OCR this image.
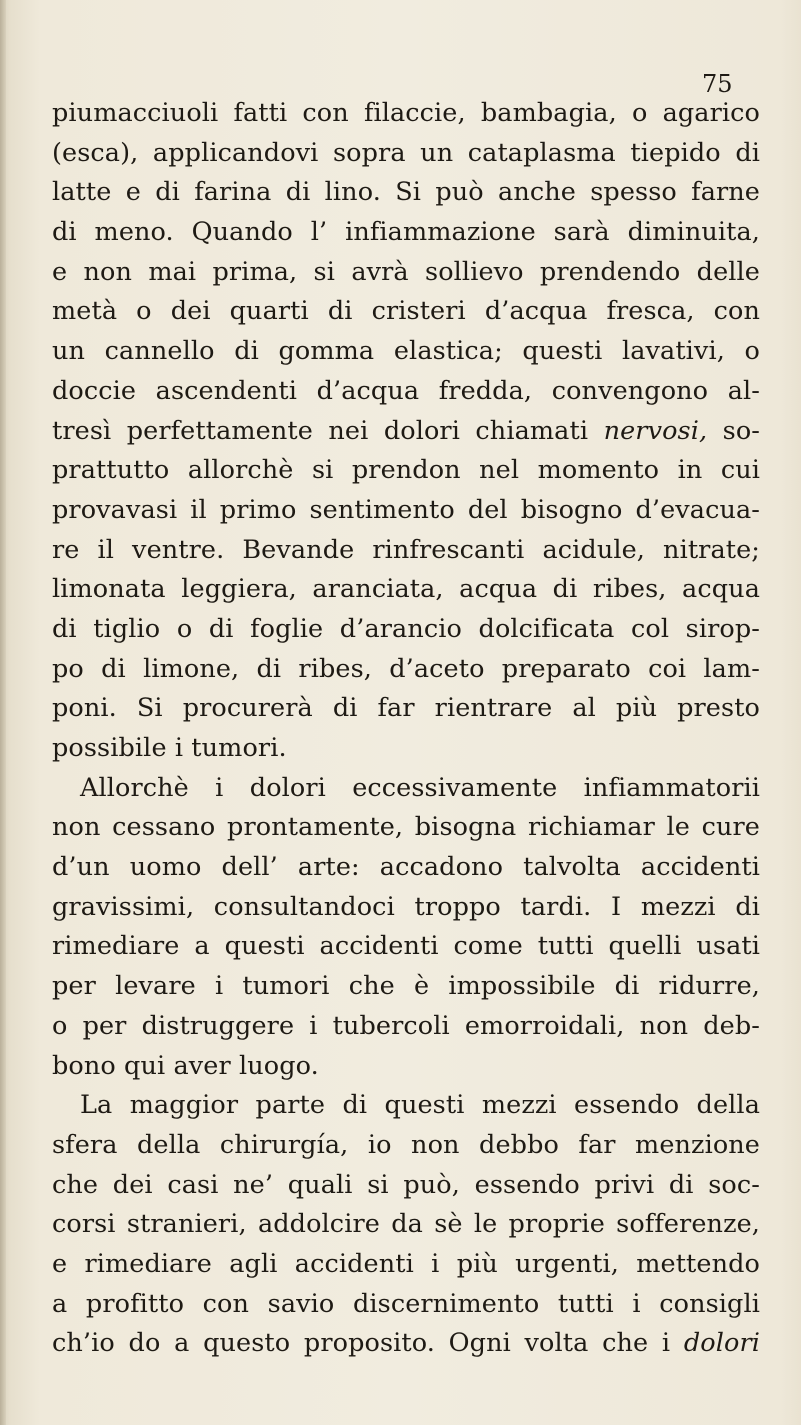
75
piumacciuoli fatti con filaccie, bambagia, o agarico
(esca), applicandovi sopra un cataplasma tiepido di
latte e di farina di lino. Si può anche spesso farne
di meno. Quando l’ infiammazione sarà diminuita,
e non mai prima, si avrà sollievo prendendo delle
metà o dei quarti di cristeri d’acqua fresca, con
un cannello di gomma elastica; questi lavativi, o
doccie ascendenti d’acqua fredda, convengono al-
tresì perfettamente nei dolori chiamati nervosi, so-
prattutto allorchè si prendon nel momento in cui
provavasi il primo sentimento del bisogno d’evacua-
re il ventre. Bevande rinfrescanti acidule, nitrate;
limonata leggiera, aranciata, acqua di ribes, acqua
di tiglio o di foglie d’arancio dolcificata col sirop-
po di limone, di ribes, d’aceto preparato coi lam-
poni. Si procurerà di far rientrare al più presto
possibile i tumori.
Allorchè i dolori eccessivamente infiammatorii
non cessano prontamente, bisogna richiamar le cure
d’un uomo dell’ arte: accadono talvolta accidenti
gravissimi, consultandoci troppo tardi. I mezzi di
rimediare a questi accidenti come tutti quelli usati
per levare i tumori che è impossibile di ridurre,
o per distruggere i tubercoli emorroidali, non deb-
bono qui aver luogo.
La maggior parte di questi mezzi essendo della
sfera della chirurgía, io non debbo far menzione
che dei casi ne’ quali si può, essendo privi di soc-
corsi stranieri, addolcire da sè le proprie sofferenze,
e rimediare agli accidenti i più urgenti, mettendo
a profitto con savio discernimento tutti i consigli
ch’io do a questo proposito. Ogni volta che i dolori
